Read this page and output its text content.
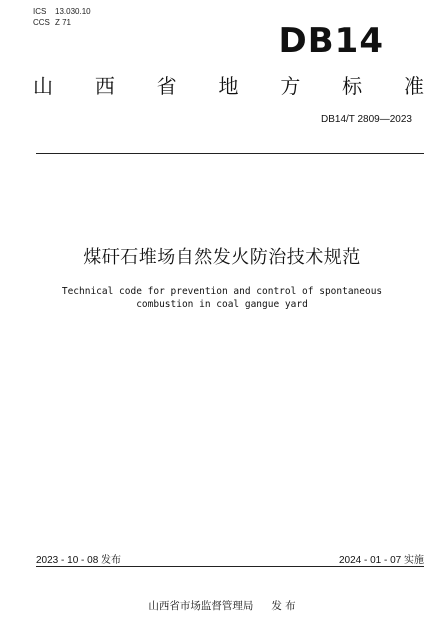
ICS 13.030.10
CCS Z 71	DB14
山 西 省 地 方 标 准
DB14/T 2809—2023
煤矸石堆场自然发火防治技术规范
Technical code for prevention and control of spontaneous
combustion in coal gangue yard
2023 - 10 - 08 发布	2024 - 01 - 07 实施
山西省市场监督管理局 发 布
